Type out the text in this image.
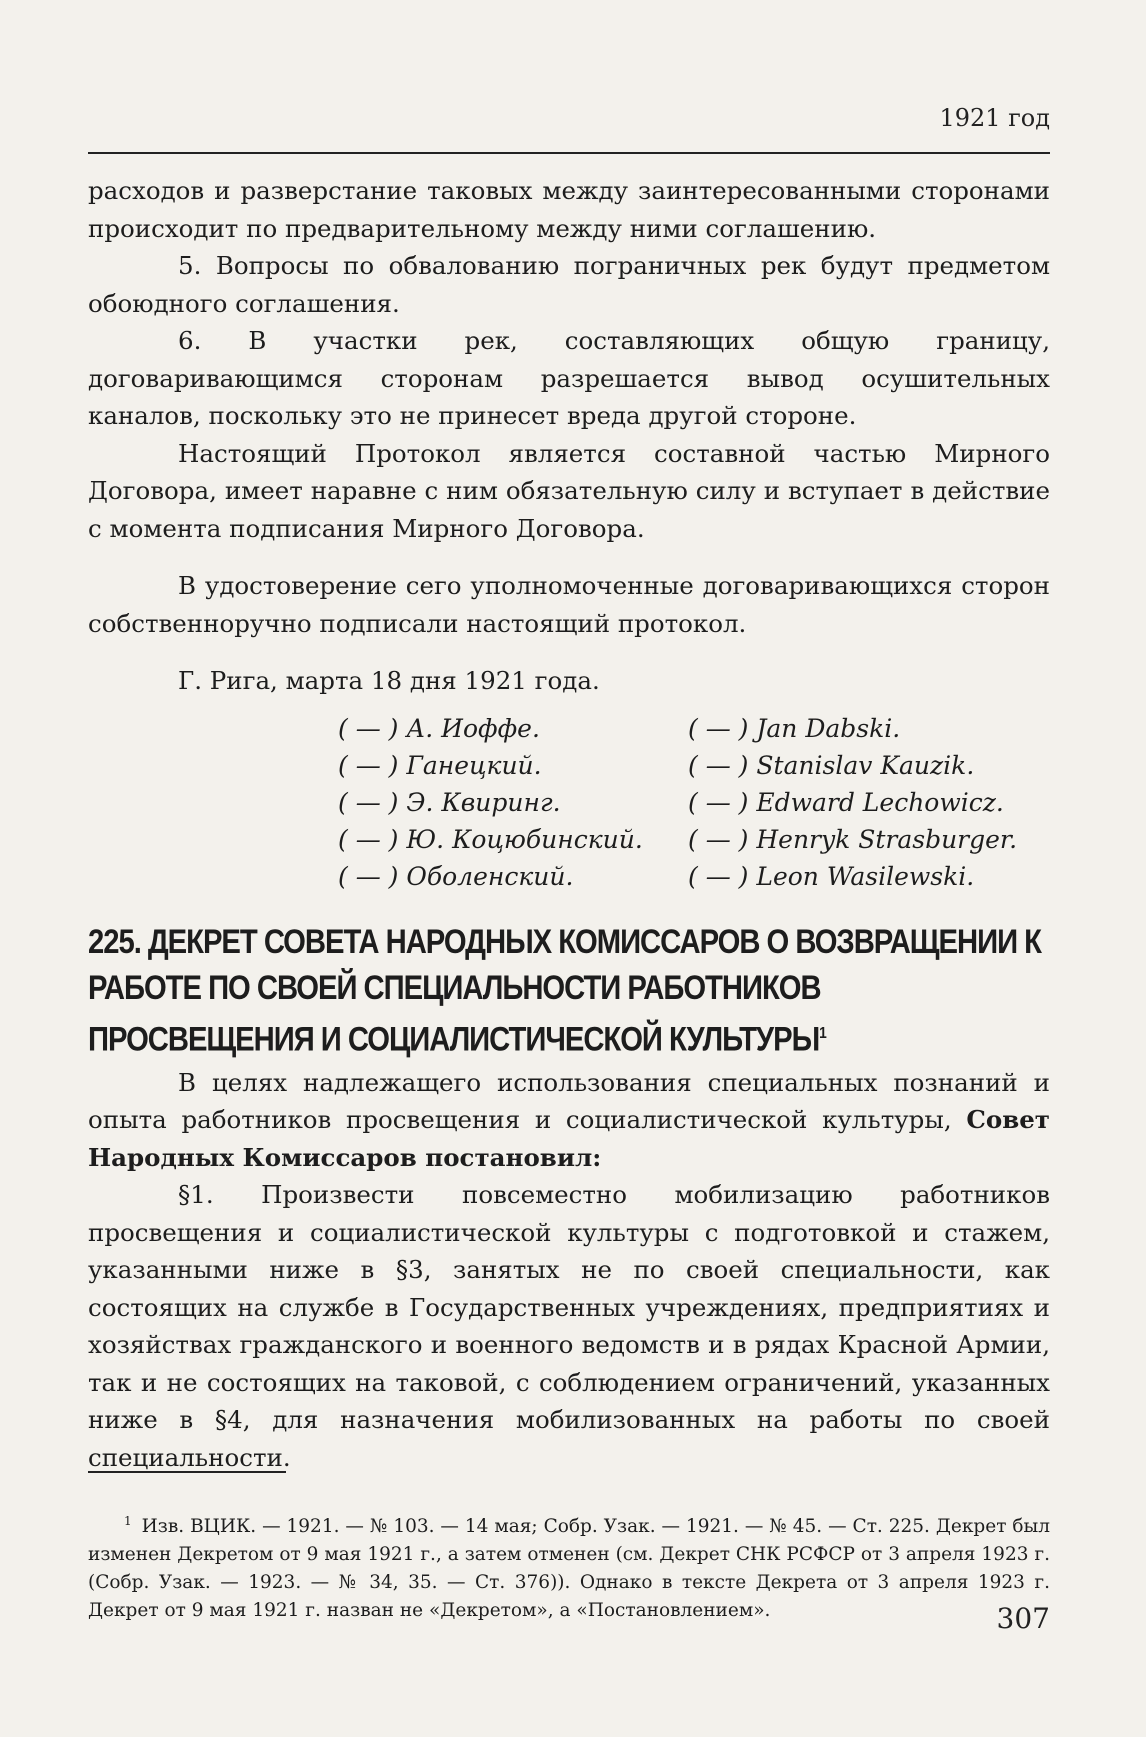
1921 год

расходов и разверстание таковых между заинтересованными сторонами происходит по предварительному между ними соглашению.

5. Вопросы по обвалованию пограничных рек будут предметом обоюдного соглашения.

6. В участки рек, составляющих общую границу, договаривающимся сторонам разрешается вывод осушительных каналов, поскольку это не принесет вреда другой стороне.

Настоящий Протокол является составной частью Мирного Договора, имеет наравне с ним обязательную силу и вступает в действие с момента подписания Мирного Договора.

В удостоверение сего уполномоченные договаривающихся сторон собственноручно подписали настоящий протокол.

Г. Рига, марта 18 дня 1921 года.

( — ) А. Иоффе.	( — ) Jan Dabski.
( — ) Ганецкий.	( — ) Stanislav Kauzik.
( — ) Э. Квиринг.	( — ) Edward Lechowicz.
( — ) Ю. Коцюбинский.	( — ) Henryk Strasburger.
( — ) Оболенский.	( — ) Leon Wasilewski.

225. ДЕКРЕТ СОВЕТА НАРОДНЫХ КОМИССАРОВ О ВОЗВРАЩЕНИИ К РАБОТЕ ПО СВОЕЙ СПЕЦИАЛЬНОСТИ РАБОТНИКОВ ПРОСВЕЩЕНИЯ И СОЦИАЛИСТИЧЕСКОЙ КУЛЬТУРЫ$^1$

В целях надлежащего использования специальных познаний и опыта работников просвещения и социалистической культуры, Совет Народных Комиссаров постановил:

§1. Произвести повсеместно мобилизацию работников просвещения и социалистической культуры с подготовкой и стажем, указанными ниже в §3, занятых не по своей специальности, как состоящих на службе в Государственных учреждениях, предприятиях и хозяйствах гражданского и военного ведомств и в рядах Красной Армии, так и не состоящих на таковой, с соблюдением ограничений, указанных ниже в §4, для назначения мобилизованных на работы по своей специальности.

$^1$ Изв. ВЦИК. — 1921. — № 103. — 14 мая; Собр. Узак. — 1921. — № 45. — Ст. 225. Декрет был изменен Декретом от 9 мая 1921 г., а затем отменен (см. Декрет СНК РСФСР от 3 апреля 1923 г. (Собр. Узак. — 1923. — № 34, 35. — Ст. 376)). Однако в тексте Декрета от 3 апреля 1923 г. Декрет от 9 мая 1921 г. назван не «Декретом», а «Постановлением».	307
